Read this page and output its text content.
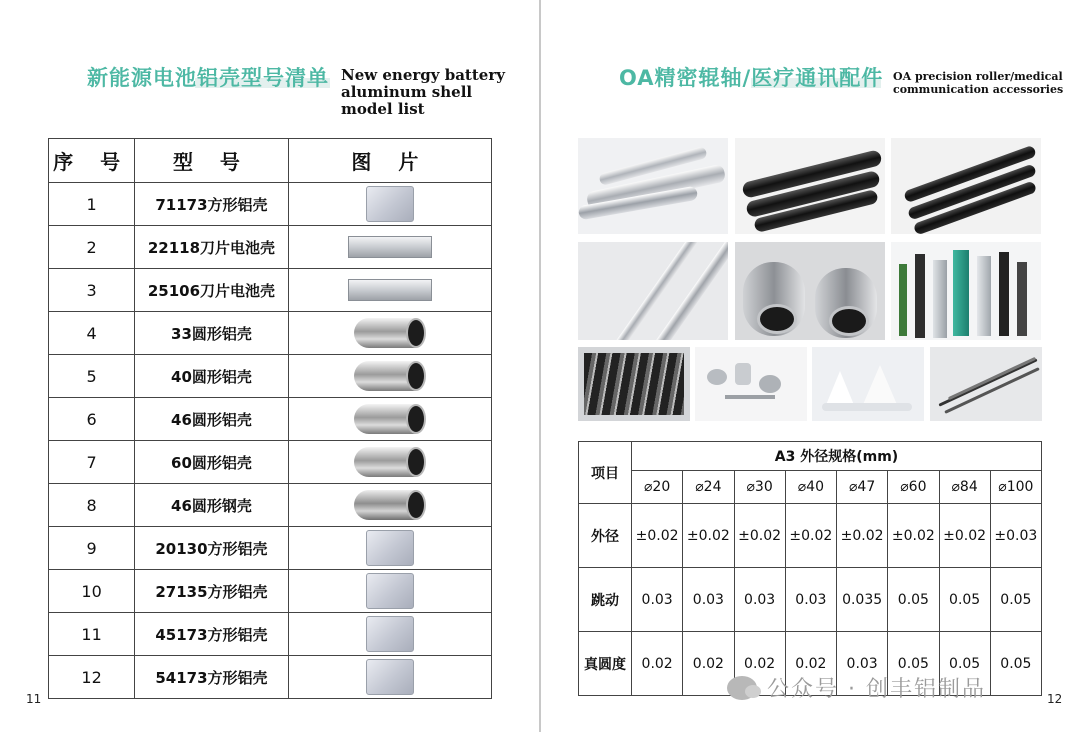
新能源电池铝壳型号清单 New energy battery
aluminum shell
model list
序 号	型 号	图 片
1	71173方形铝壳	
2	22118刀片电池壳	
3	25106刀片电池壳	
4	33圆形铝壳	

5	40圆形铝壳	

6	46圆形铝壳	

7	60圆形铝壳	

8	46圆形钢壳	

9	20130方形铝壳	
10	27135方形铝壳	
11	45173方形铝壳	
12	54173方形铝壳	
11
OA精密辊轴/医疗通讯配件 OA precision roller/medical
communication accessories
12
项目	A3 外径规格(mm)							
	⌀20	⌀24	⌀30	⌀40	⌀47	⌀60	⌀84	⌀100
外径	±0.02	±0.02	±0.02	±0.02	±0.02	±0.02	±0.02	±0.03
跳动	0.03	0.03	0.03	0.03	0.035	0.05	0.05	0.05
真圆度	0.02	0.02	0.02	0.02	0.03	0.05	0.05	0.05
公众号 · 创丰铝制品
